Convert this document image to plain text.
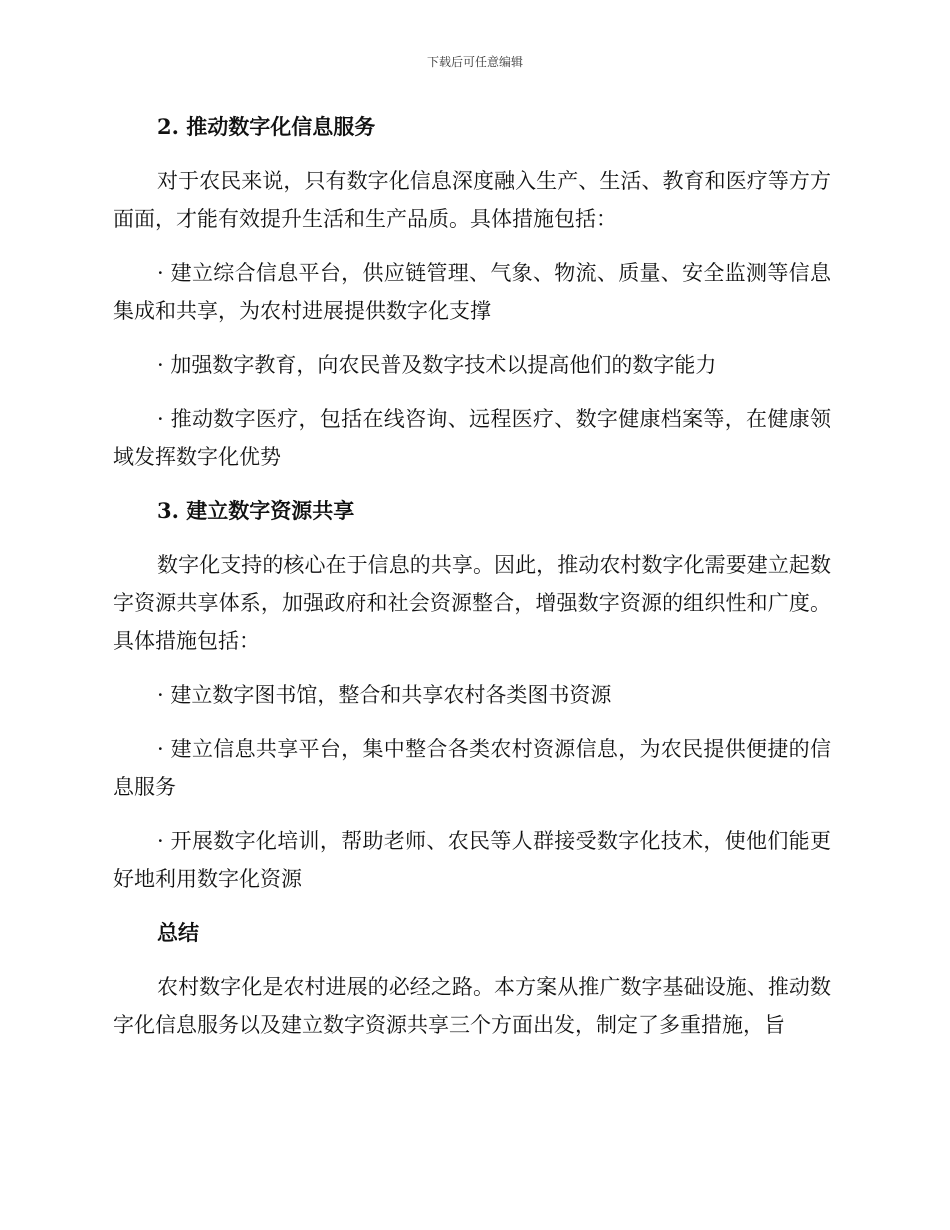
下载后可任意编辑
2. 推动数字化信息服务

对于农民来说，只有数字化信息深度融入生产、生活、教育和医疗等方方面面，才能有效提升生活和生产品质。具体措施包括：

· 建立综合信息平台，供应链管理、气象、物流、质量、安全监测等信息集成和共享，为农村进展提供数字化支撑

· 加强数字教育，向农民普及数字技术以提高他们的数字能力

· 推动数字医疗，包括在线咨询、远程医疗、数字健康档案等，在健康领域发挥数字化优势

3. 建立数字资源共享

数字化支持的核心在于信息的共享。因此，推动农村数字化需要建立起数字资源共享体系，加强政府和社会资源整合，增强数字资源的组织性和广度。具体措施包括：

· 建立数字图书馆，整合和共享农村各类图书资源

· 建立信息共享平台，集中整合各类农村资源信息，为农民提供便捷的信息服务

· 开展数字化培训，帮助老师、农民等人群接受数字化技术，使他们能更好地利用数字化资源

总结

农村数字化是农村进展的必经之路。本方案从推广数字基础设施、推动数字化信息服务以及建立数字资源共享三个方面出发，制定了多重措施，旨
